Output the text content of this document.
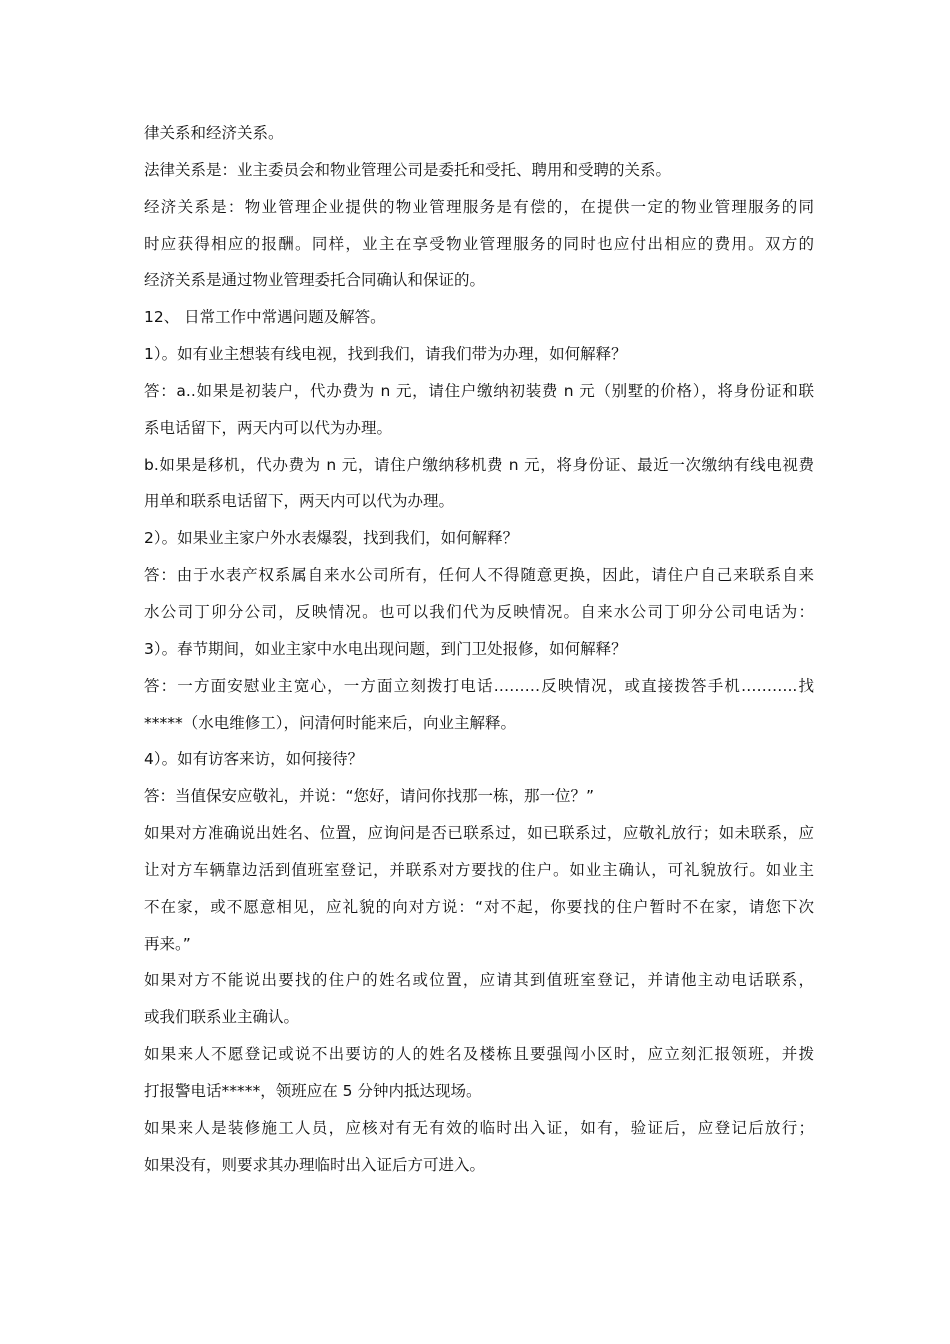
律关系和经济关系。
法律关系是：业主委员会和物业管理公司是委托和受托、聘用和受聘的关系。
经济关系是：物业管理企业提供的物业管理服务是有偿的，在提供一定的物业管理服务的同
时应获得相应的报酬。同样，业主在享受物业管理服务的同时也应付出相应的费用。双方的
经济关系是通过物业管理委托合同确认和保证的。
12、 日常工作中常遇问题及解答。
1）。如有业主想装有线电视，找到我们，请我们带为办理，如何解释？
答：a..如果是初装户，代办费为 n 元，请住户缴纳初装费 n 元（别墅的价格），将身份证和联
系电话留下，两天内可以代为办理。
b.如果是移机，代办费为 n 元，请住户缴纳移机费 n 元，将身份证、最近一次缴纳有线电视费
用单和联系电话留下，两天内可以代为办理。
2）。如果业主家户外水表爆裂，找到我们，如何解释？
答：由于水表产权系属自来水公司所有，任何人不得随意更换，因此，请住户自己来联系自来
水公司丁卯分公司，反映情况。也可以我们代为反映情况。自来水公司丁卯分公司电话为：
3）。春节期间，如业主家中水电出现问题，到门卫处报修，如何解释？
答：一方面安慰业主宽心，一方面立刻拨打电话………反映情况，或直接拨答手机………..找
*****（水电维修工），问清何时能来后，向业主解释。
4）。如有访客来访，如何接待？
答：当值保安应敬礼，并说：“您好，请问你找那一栋，那一位？”
如果对方准确说出姓名、位置，应询问是否已联系过，如已联系过，应敬礼放行；如未联系，应
让对方车辆靠边活到值班室登记，并联系对方要找的住户。如业主确认，可礼貌放行。如业主
不在家，或不愿意相见，应礼貌的向对方说：“对不起，你要找的住户暂时不在家，请您下次
再来。”
如果对方不能说出要找的住户的姓名或位置，应请其到值班室登记，并请他主动电话联系，
或我们联系业主确认。
如果来人不愿登记或说不出要访的人的姓名及楼栋且要强闯小区时，应立刻汇报领班，并拨
打报警电话*****，领班应在 5 分钟内抵达现场。
如果来人是装修施工人员，应核对有无有效的临时出入证，如有，验证后，应登记后放行；
如果没有，则要求其办理临时出入证后方可进入。
